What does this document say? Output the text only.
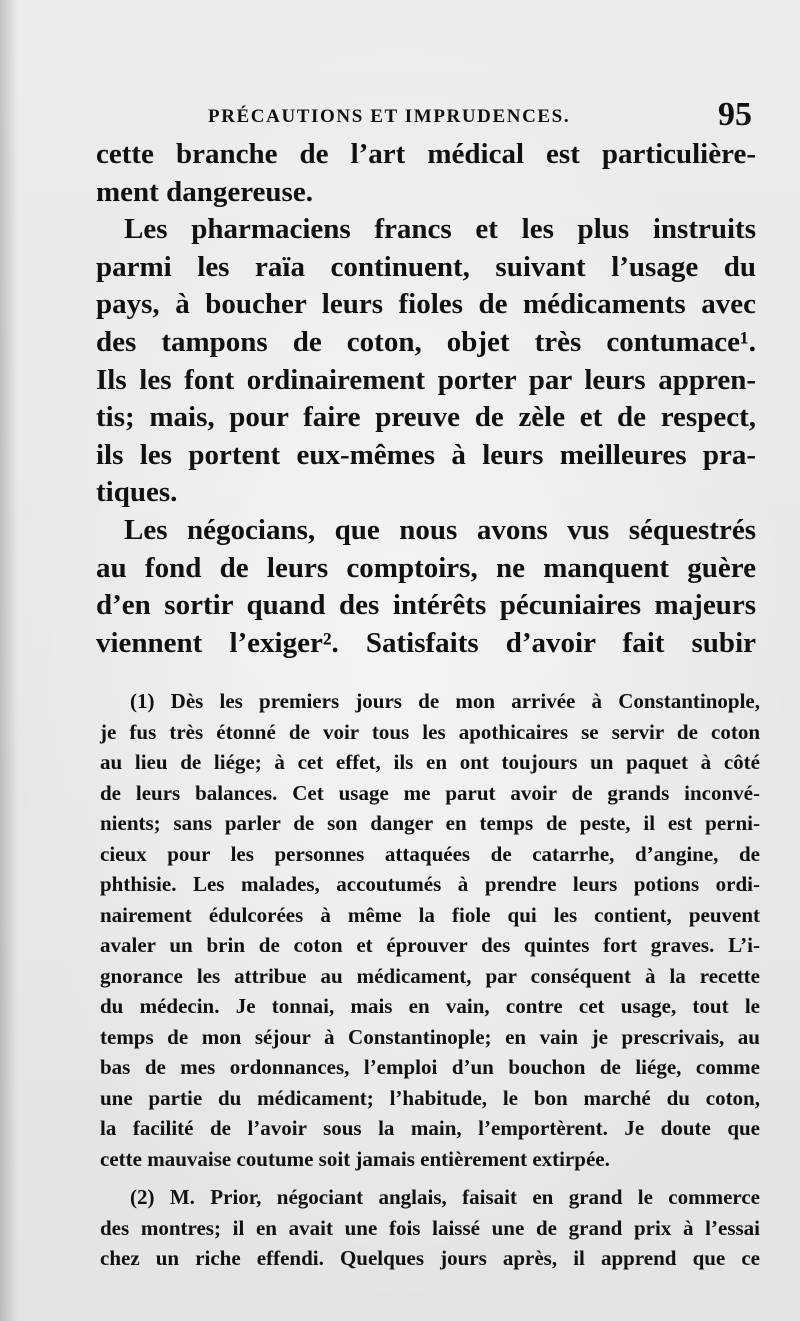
PRÉCAUTIONS ET IMPRUDENCES.	95
cette branche de l’art médical est particulière-
ment dangereuse.
Les pharmaciens francs et les plus instruits
parmi les raïa continuent, suivant l’usage du
pays, à boucher leurs fioles de médicaments avec
des tampons de coton, objet très contumace¹.
Ils les font ordinairement porter par leurs appren-
tis; mais, pour faire preuve de zèle et de respect,
ils les portent eux-mêmes à leurs meilleures pra-
tiques.
Les négocians, que nous avons vus séquestrés
au fond de leurs comptoirs, ne manquent guère
d’en sortir quand des intérêts pécuniaires majeurs
viennent l’exiger². Satisfaits d’avoir fait subir
(1) Dès les premiers jours de mon arrivée à Constantinople,
je fus très étonné de voir tous les apothicaires se servir de coton
au lieu de liége; à cet effet, ils en ont toujours un paquet à côté
de leurs balances. Cet usage me parut avoir de grands inconvé-
nients; sans parler de son danger en temps de peste, il est perni-
cieux pour les personnes attaquées de catarrhe, d’angine, de
phthisie. Les malades, accoutumés à prendre leurs potions ordi-
nairement édulcorées à même la fiole qui les contient, peuvent
avaler un brin de coton et éprouver des quintes fort graves. L’i-
gnorance les attribue au médicament, par conséquent à la recette
du médecin. Je tonnai, mais en vain, contre cet usage, tout le
temps de mon séjour à Constantinople; en vain je prescrivais, au
bas de mes ordonnances, l’emploi d’un bouchon de liége, comme
une partie du médicament; l’habitude, le bon marché du coton,
la facilité de l’avoir sous la main, l’emportèrent. Je doute que
cette mauvaise coutume soit jamais entièrement extirpée.
(2) M. Prior, négociant anglais, faisait en grand le commerce
des montres; il en avait une fois laissé une de grand prix à l’essai
chez un riche effendi. Quelques jours après, il apprend que ce
